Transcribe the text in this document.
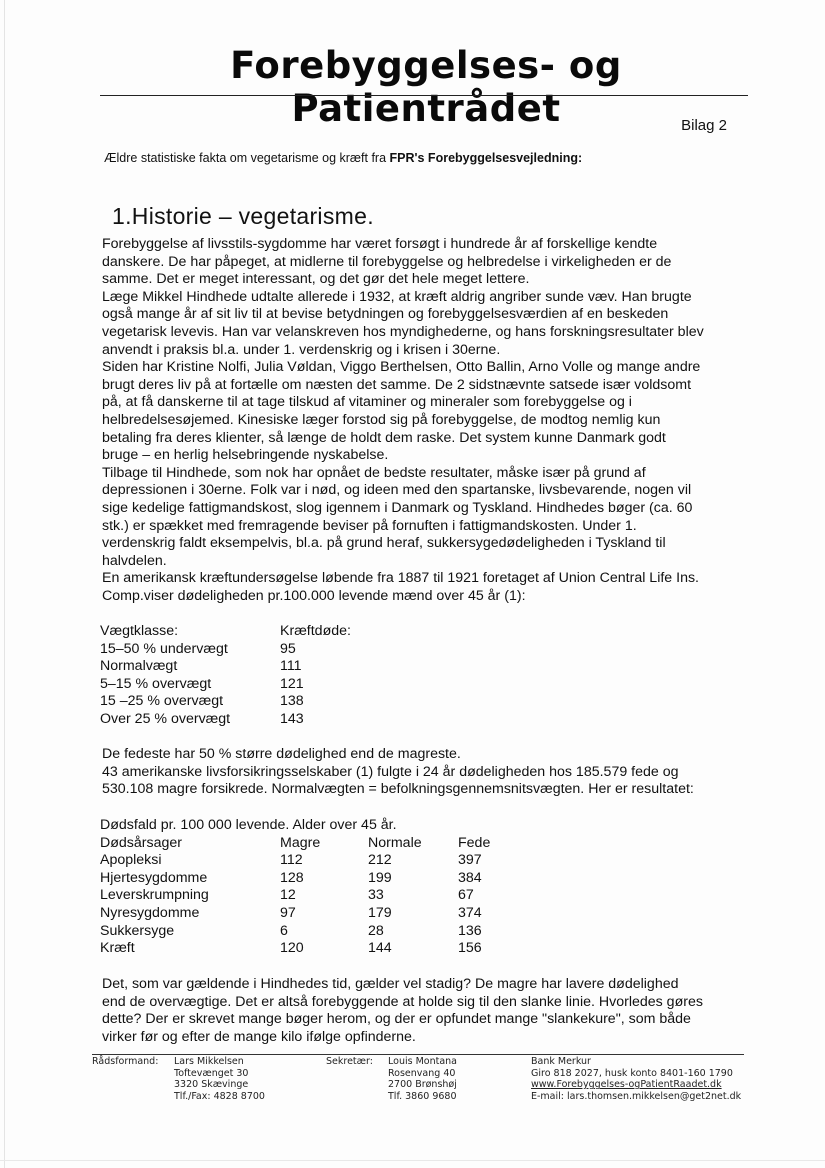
Forebyggelses- og Patientrådet	Bilag 2
Ældre statistiske fakta om vegetarisme og kræft fra FPR's Forebyggelsesvejledning:
1.Historie – vegetarisme.

Forebyggelse af livsstils-sygdomme har været forsøgt i hundrede år af forskellige kendte

danskere. De har påpeget, at midlerne til forebyggelse og helbredelse i virkeligheden er de

samme. Det er meget interessant, og det gør det hele meget lettere.

Læge Mikkel Hindhede udtalte allerede i 1932, at kræft aldrig angriber sunde væv. Han brugte

også mange år af sit liv til at bevise betydningen og forebyggelsesværdien af en beskeden

vegetarisk levevis. Han var velanskreven hos myndighederne, og hans forskningsresultater blev

anvendt i praksis bl.a. under 1. verdenskrig og i krisen i 30erne.

Siden har Kristine Nolfi, Julia Vøldan, Viggo Berthelsen, Otto Ballin, Arno Volle og mange andre

brugt deres liv på at fortælle om næsten det samme. De 2 sidstnævnte satsede især voldsomt

på, at få danskerne til at tage tilskud af vitaminer og mineraler som forebyggelse og i

helbredelsesøjemed. Kinesiske læger forstod sig på forebyggelse, de modtog nemlig kun

betaling fra deres klienter, så længe de holdt dem raske. Det system kunne Danmark godt

bruge – en herlig helsebringende nyskabelse.

Tilbage til Hindhede, som nok har opnået de bedste resultater, måske især på grund af

depressionen i 30erne. Folk var i nød, og ideen med den spartanske, livsbevarende, nogen vil

sige kedelige fattigmandskost, slog igennem i Danmark og Tyskland. Hindhedes bøger (ca. 60

stk.) er spækket med fremragende beviser på fornuften i fattigmandskosten. Under 1.

verdenskrig faldt eksempelvis, bl.a. på grund heraf, sukkersygedødeligheden i Tyskland til

halvdelen.

En amerikansk kræftundersøgelse løbende fra 1887 til 1921 foretaget af Union Central Life Ins.

Comp.viser dødeligheden pr.100.000 levende mænd over 45 år (1):

Vægtklasse:	Kræftdøde:
15–50 % undervægt	95
Normalvægt	111
5–15 % overvægt	121
15 –25 % overvægt	138
Over 25 % overvægt	143

De fedeste har 50 % større dødelighed end de magreste.

43 amerikanske livsforsikringsselskaber (1) fulgte i 24 år dødeligheden hos 185.579 fede og

530.108 magre forsikrede. Normalvægten = befolkningsgennemsnitsvægten. Her er resultatet:

Dødsfald pr. 100 000 levende. Alder over 45 år.
Dødsårsager	Magre	Normale	Fede
Apopleksi	112	212	397
Hjertesygdomme	128	199	384
Leverskrumpning	12	33	67
Nyresygdomme	97	179	374
Sukkersyge	6	28	136
Kræft	120	144	156

Det, som var gældende i Hindhedes tid, gælder vel stadig? De magre har lavere dødelighed

end de overvægtige. Det er altså forebyggende at holde sig til den slanke linie. Hvorledes gøres

dette? Der er skrevet mange bøger herom, og der er opfundet mange "slankekure", som både

virker før og efter de mange kilo ifølge opfinderne.

Rådsformand: Lars Mikkelsen
Toftevænget 30
3320 Skævinge
Tlf./Fax: 4828 8700
Sekretær: Louis Montana
Rosenvang 40
2700 Brønshøj
Tlf. 3860 9680
Bank Merkur
Giro 818 2027, husk konto 8401-160 1790
www.Forebyggelses-ogPatientRaadet.dk
E-mail: lars.thomsen.mikkelsen@get2net.dk
